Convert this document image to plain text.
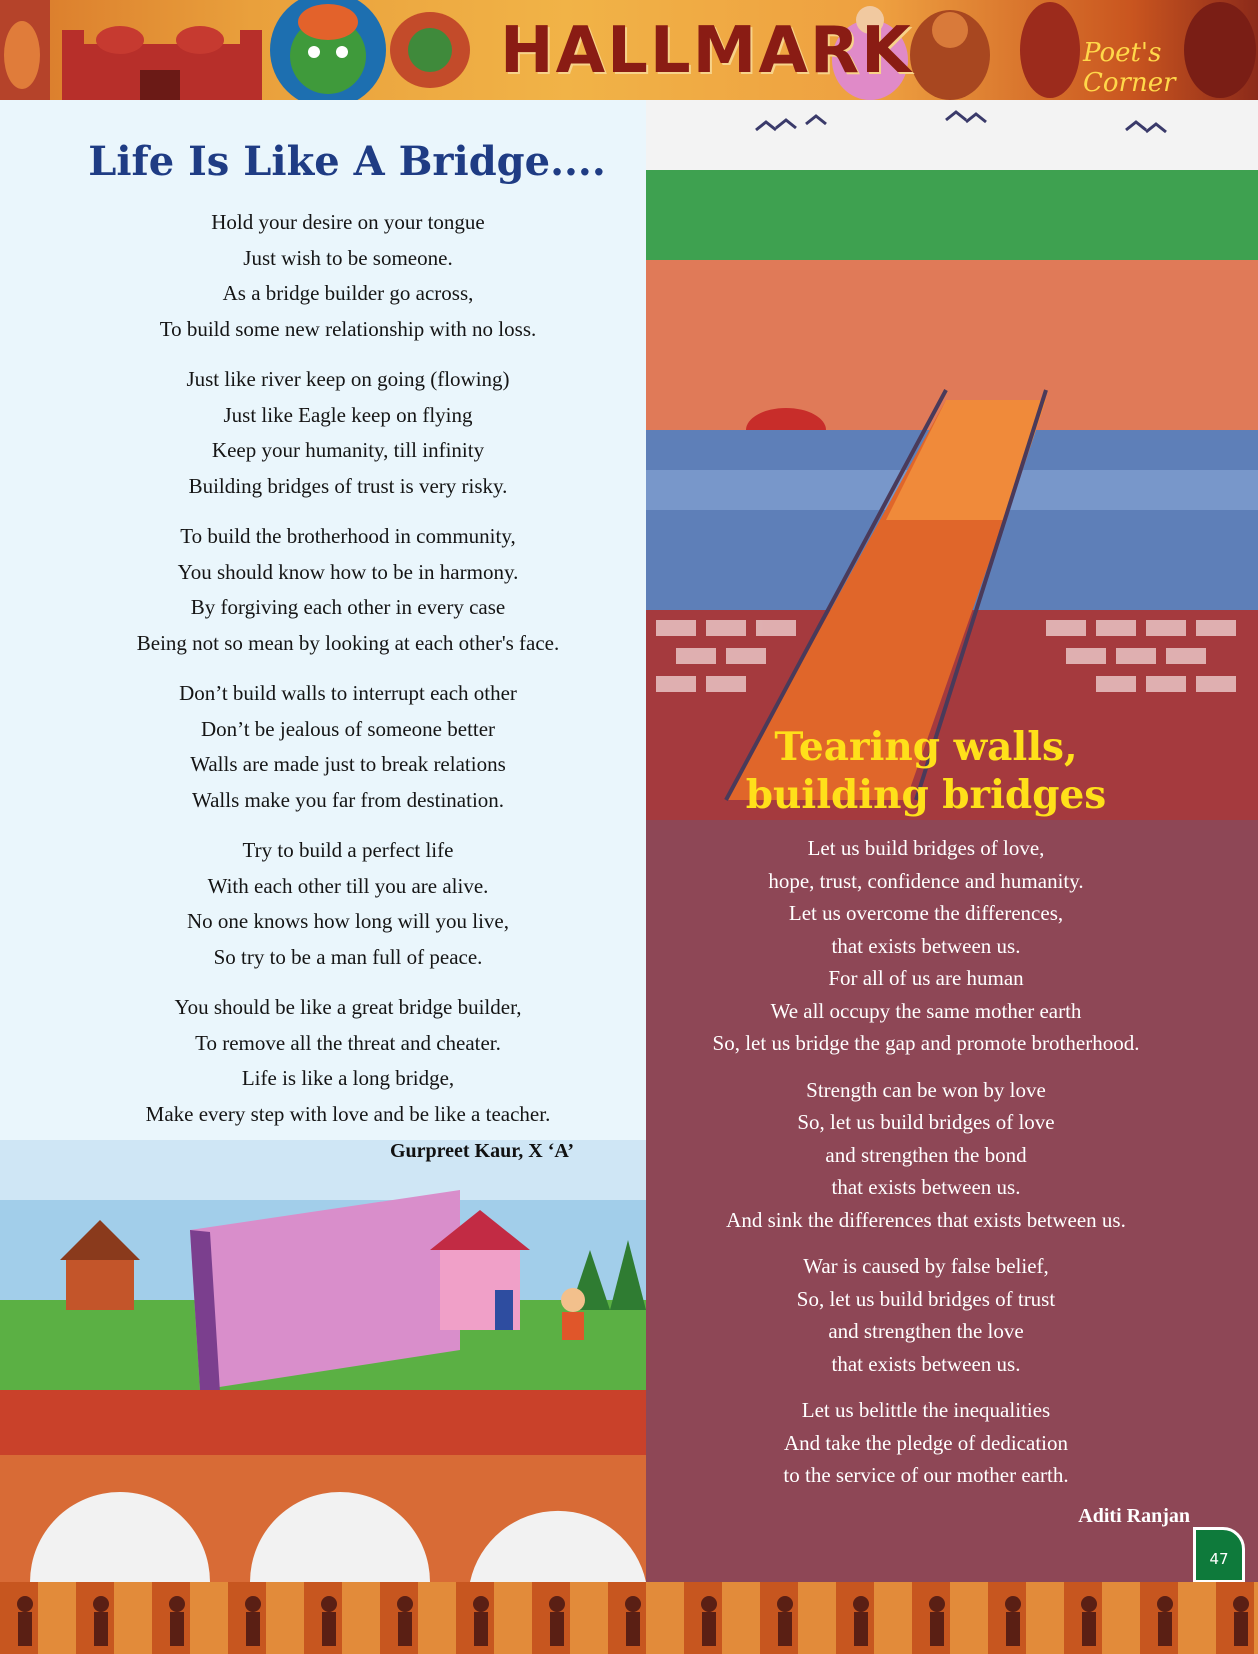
HALLMARK	Poet's Corner
Life Is Like A Bridge....
Hold your desire on your tongue
Just wish to be someone.
As a bridge builder go across,
To build some new relationship with no loss.
Just like river keep on going (flowing)
Just like Eagle keep on flying
Keep your humanity, till infinity
Building bridges of trust is very risky.
To build the brotherhood in community,
You should know how to be in harmony.
By forgiving each other in every case
Being not so mean by looking at each other's face.
Don’t build walls to interrupt each other
Don’t be jealous of someone better
Walls are made just to break relations
Walls make you far from destination.
Try to build a perfect life
With each other till you are alive.
No one knows how long will you live,
So try to be a man full of peace.
You should be like a great bridge builder,
To remove all the threat and cheater.
Life is like a long bridge,
Make every step with love and be like a teacher.
Gurpreet Kaur, X ‘A’
Tearing walls,
building bridges
Let us build bridges of love,
hope, trust, confidence and humanity.
Let us overcome the differences,
that exists between us.
For all of us are human
We all occupy the same mother earth
So, let us bridge the gap and promote brotherhood.
Strength can be won by love
So, let us build bridges of love
and strengthen the bond
that exists between us.
And sink the differences that exists between us.
War is caused by false belief,
So, let us build bridges of trust
and strengthen the love
that exists between us.
Let us belittle the inequalities
And take the pledge of dedication
to the service of our mother earth.
Aditi Ranjan
47
